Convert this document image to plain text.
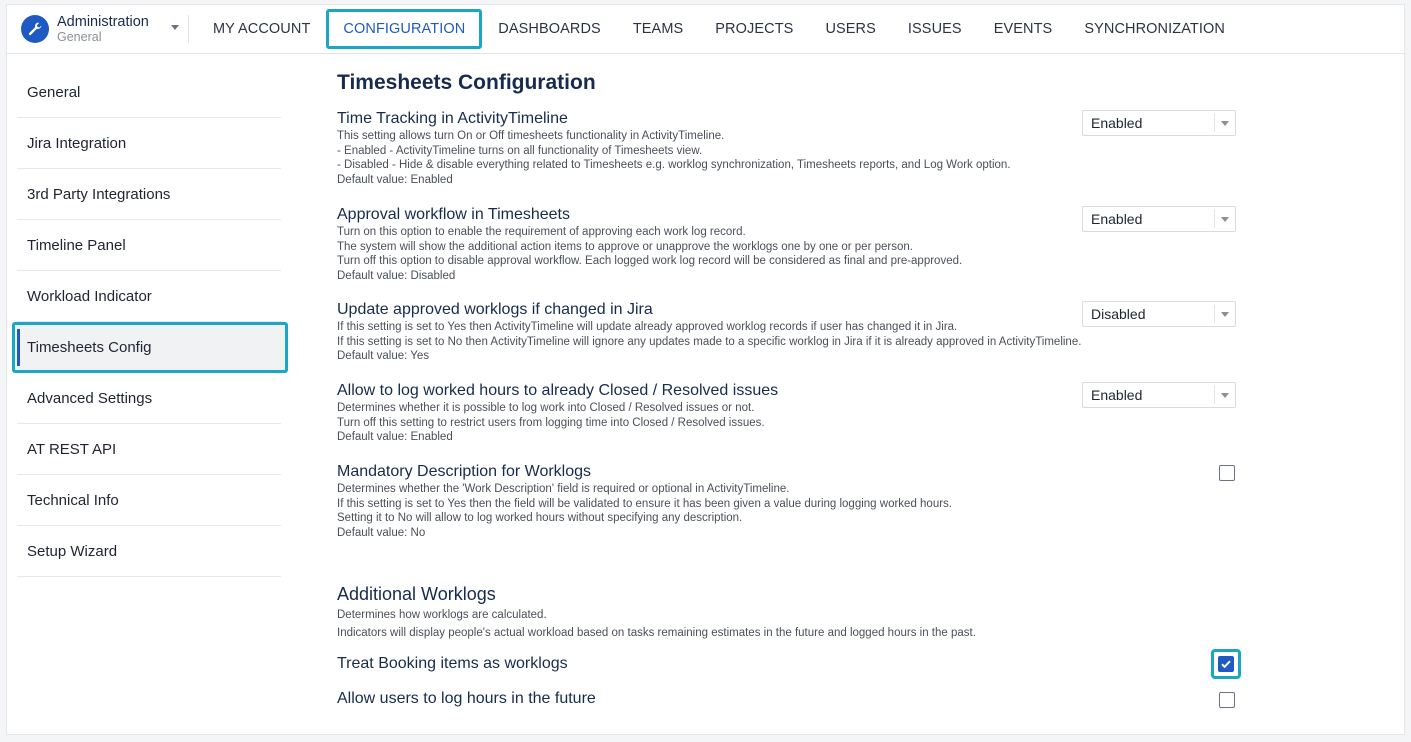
Administration
General	MY ACCOUNT	CONFIGURATION	DASHBOARDS	TEAMS	PROJECTS	USERS	ISSUES	EVENTS	SYNCHRONIZATION
General
Jira Integration
3rd Party Integrations
Timeline Panel
Workload Indicator
Timesheets Config
Advanced Settings
AT REST API
Technical Info
Setup Wizard
Timesheets Configuration
Time Tracking in ActivityTimeline
This setting allows turn On or Off timesheets functionality in ActivityTimeline.
- Enabled - ActivityTimeline turns on all functionality of Timesheets view.
- Disabled - Hide & disable everything related to Timesheets e.g. worklog synchronization, Timesheets reports, and Log Work option.
Default value: Enabled
Enabled
Approval workflow in Timesheets
Turn on this option to enable the requirement of approving each work log record.
The system will show the additional action items to approve or unapprove the worklogs one by one or per person.
Turn off this option to disable approval workflow. Each logged work log record will be considered as final and pre-approved.
Default value: Disabled
Enabled
Update approved worklogs if changed in Jira
If this setting is set to Yes then ActivityTimeline will update already approved worklog records if user has changed it in Jira.
If this setting is set to No then ActivityTimeline will ignore any updates made to a specific worklog in Jira if it is already approved in ActivityTimeline.
Default value: Yes
Disabled
Allow to log worked hours to already Closed / Resolved issues
Determines whether it is possible to log work into Closed / Resolved issues or not.
Turn off this setting to restrict users from logging time into Closed / Resolved issues.
Default value: Enabled
Enabled
Mandatory Description for Worklogs
Determines whether the 'Work Description' field is required or optional in ActivityTimeline.
If this setting is set to Yes then the field will be validated to ensure it has been given a value during logging worked hours.
Setting it to No will allow to log worked hours without specifying any description.
Default value: No
Additional Worklogs
Determines how worklogs are calculated.
Indicators will display people's actual workload based on tasks remaining estimates in the future and logged hours in the past.
Treat Booking items as worklogs
Allow users to log hours in the future
